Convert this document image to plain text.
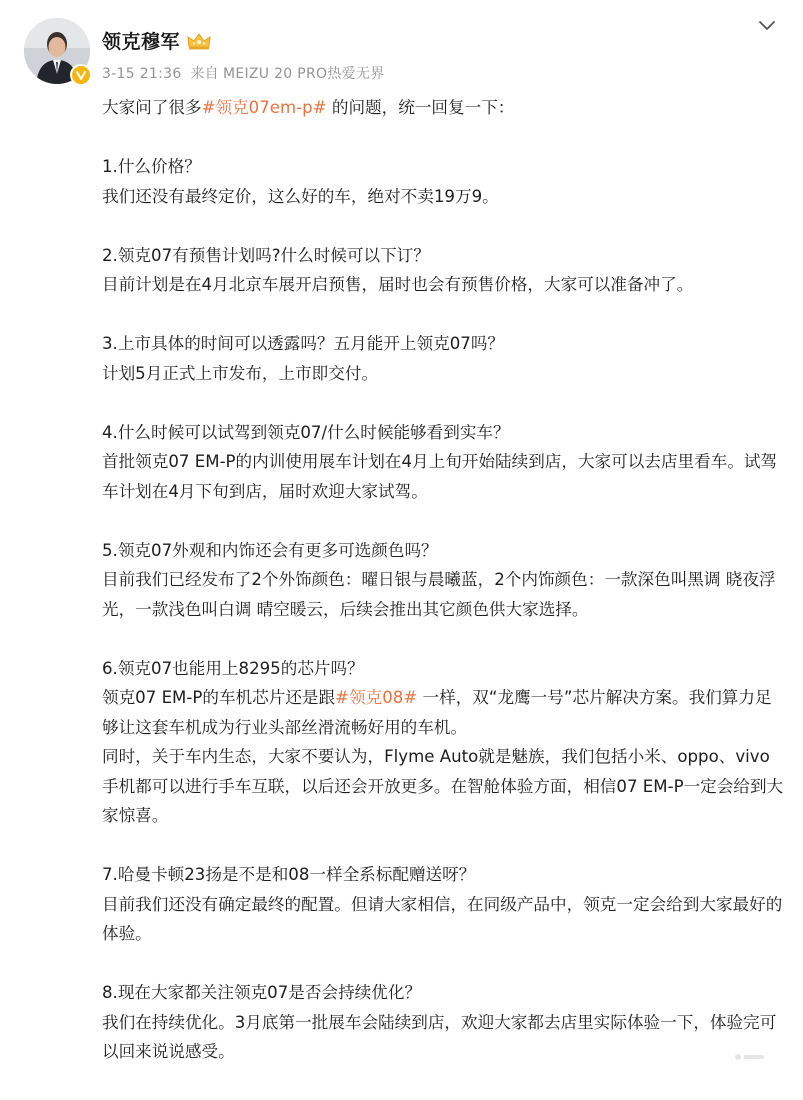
领克穆军
3-15 21:36 来自 MEIZU 20 PRO热爱无界

大家问了很多#领克07em-p# 的问题，统一回复一下：

1.什么价格？

我们还没有最终定价，这么好的车，绝对不卖19万9。

2.领克07有预售计划吗?什么时候可以下订？

目前计划是在4月北京车展开启预售，届时也会有预售价格，大家可以准备冲了。

3.上市具体的时间可以透露吗？五月能开上领克07吗？

计划5月正式上市发布，上市即交付。

4.什么时候可以试驾到领克07/什么时候能够看到实车？

首批领克07 EM-P的内训使用展车计划在4月上旬开始陆续到店，大家可以去店里看车。试驾车计划在4月下旬到店，届时欢迎大家试驾。

5.领克07外观和内饰还会有更多可选颜色吗？

目前我们已经发布了2个外饰颜色：曜日银与晨曦蓝，2个内饰颜色：一款深色叫黑调 晓夜浮光，一款浅色叫白调 晴空暖云，后续会推出其它颜色供大家选择。

6.领克07也能用上8295的芯片吗？

领克07 EM-P的车机芯片还是跟#领克08# 一样，双“龙鹰一号”芯片解决方案。我们算力足够让这套车机成为行业头部丝滑流畅好用的车机。

同时，关于车内生态，大家不要认为，Flyme Auto就是魅族，我们包括小米、oppo、vivo手机都可以进行手车互联，以后还会开放更多。在智舱体验方面，相信07 EM-P一定会给到大家惊喜。

7.哈曼卡顿23扬是不是和08一样全系标配赠送呀？

目前我们还没有确定最终的配置。但请大家相信，在同级产品中，领克一定会给到大家最好的体验。

8.现在大家都关注领克07是否会持续优化？

我们在持续优化。3月底第一批展车会陆续到店，欢迎大家都去店里实际体验一下，体验完可以回来说说感受。
